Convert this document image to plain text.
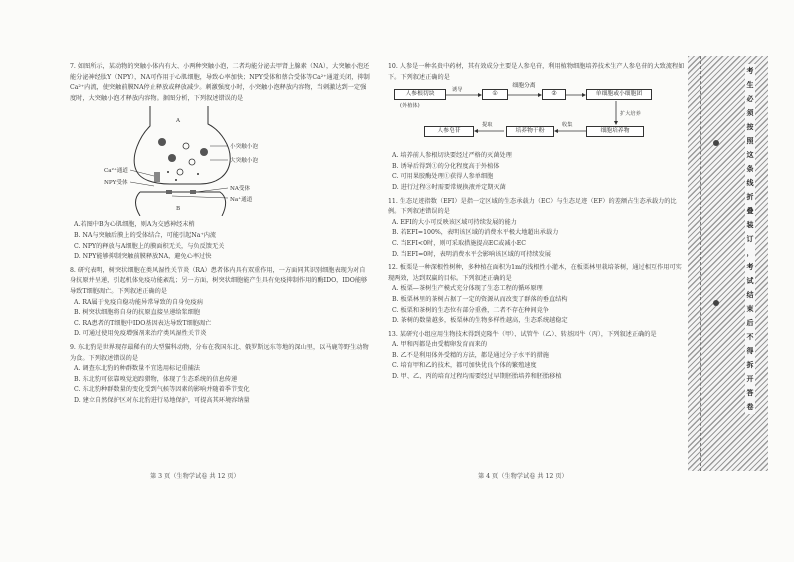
7. 如图所示，某动物的突触小体内有大、小两种突触小泡，二者均能分泌去甲肾上腺素（NA），大突触小泡还能分泌神经肽Y（NPY），NA可作用于心肌细胞，导致心率加快；NPY受体和蔡合受体等Ca²⁺通道关闭，抑制Ca²⁺内流，使突触前膜NA停止释放或释放减少。刺激强度小时，小突触小泡释放内容物，当刺激达到一定强度时，大突触小泡才释放内容物。据图分析，下列叙述错误的是

A
小突触小泡
大突触小泡
Ca²⁺通道
NPY受体
NA受体
Na⁺通道
B
A.若图中B为心肌细胞，则A为交感神经末梢
B. NA与突触后膜上的受体结合，可能引起Na⁺内流
C. NPY的释放与A细胞上的膜面积无关，与负反馈无关
D. NPY能够抑制突触前膜释放NA，避免心率过快

8. 研究表明，树突状细胞在类风湿性关节炎（RA）患者体内具有双重作用，一方面同其识别细胞表现为对自身抗原并呈递，引起机体免疫功能紊乱；另一方面，树突状细胞能产生具有免疫抑制作用的酶IDO，IDO能够导致T细胞凋亡。下列叙述正确的是

A. RA属于免疫自稳功能异常导致的自身免疫病
B. 树突状细胞将自身的抗原直接呈递给浆细胞
C. RA患者的T细胞中IDO基因表达导致T细胞凋亡
D. 可通过使用免疫增强剂来治疗类风湿性关节炎

9. 东北豹是世界现存最稀有的大型猫科动物，分布在我国东北、俄罗斯远东等地的深山里，以马鹿等野生动物为食。下列叙述错误的是

A. 调查东北豹的种群数量不宜选用标记重捕法
B. 东北豹可依靠嗅觉追踪猎物，体现了生态系统的信息传递
C. 东北豹种群数量的变化受到气候等因素的影响并随着季节变化
D. 建立自然保护区对东北豹进行易地保护，可提高其环境容纳量

10. 人参是一种名贵中药材，其有效成分主要是人参皂苷，利用植物细胞培养技术生产人参皂苷的大致流程如下。下列叙述正确的是

人参根切块
(外植体)
诱导
①
细胞分离
②	单细胞或小细胞团
扩大培养
细胞培养物
收集
培养物干粉
提取
人参皂苷
A. 培养前人参根切块要经过严格的灭菌处理
B. 诱导后得到①的分化程度高于外植体
C. 可用果胶酶处理①获得人参单细胞
D. 进行过程③时需要常规换液并定期灭菌

11. 生态足迹指数（EFI）是指一定区域的生态承载力（EC）与生态足迹（EF）的差额占生态承载力的比例。下列叙述错误的是

A. EFI的大小可反映该区域可持续发展的能力
B. 若EFI=100%，表明该区域的消费水平极大地超出承载力
C. 当EFI<0时，则可采取措施提高EC或减小EC
D. 当EFI=0时，表明消费水平会影响该区域的可持续发展

12. 板栗是一种深根性树种，多种植在面积为1m的浅根性小灌木，在板栗林里栽培茶树，通过相互作用可实现两效，达到双赢的目标。下列叙述正确的是

A. 板栗—茶树生产模式充分体现了生态工程的循环原理
B. 板栗林里的茶树占据了一定的资源从而改变了群落的垂直结构
C. 板栗和茶树的生态位有部分重叠，二者不存在种间竞争
D. 茶树的数量越多，板栗林的生物多样性越高，生态系统越稳定

13. 某研究小组应用生物技术得到克隆牛（甲）、试管牛（乙）、转基因牛（丙），下列叙述正确的是

A. 甲和丙都是由受精卵发育而来的
B. 乙不是利用体外受精的方法，都是通过分子水平的措施
C. 培育甲和乙的技术，都可加快优良个体的繁殖速度
D. 甲、乙、丙的培育过程均需要经过早期胚胎培养和胚胎移植
第 3 页（生物学试卷 共 12 页）	第 4 页（生物学试卷 共 12 页）
考
生
必
须
按
照
这
条
线
折
叠
装
订
，
考
试
结
束
后
不
得
拆
开
答
卷
